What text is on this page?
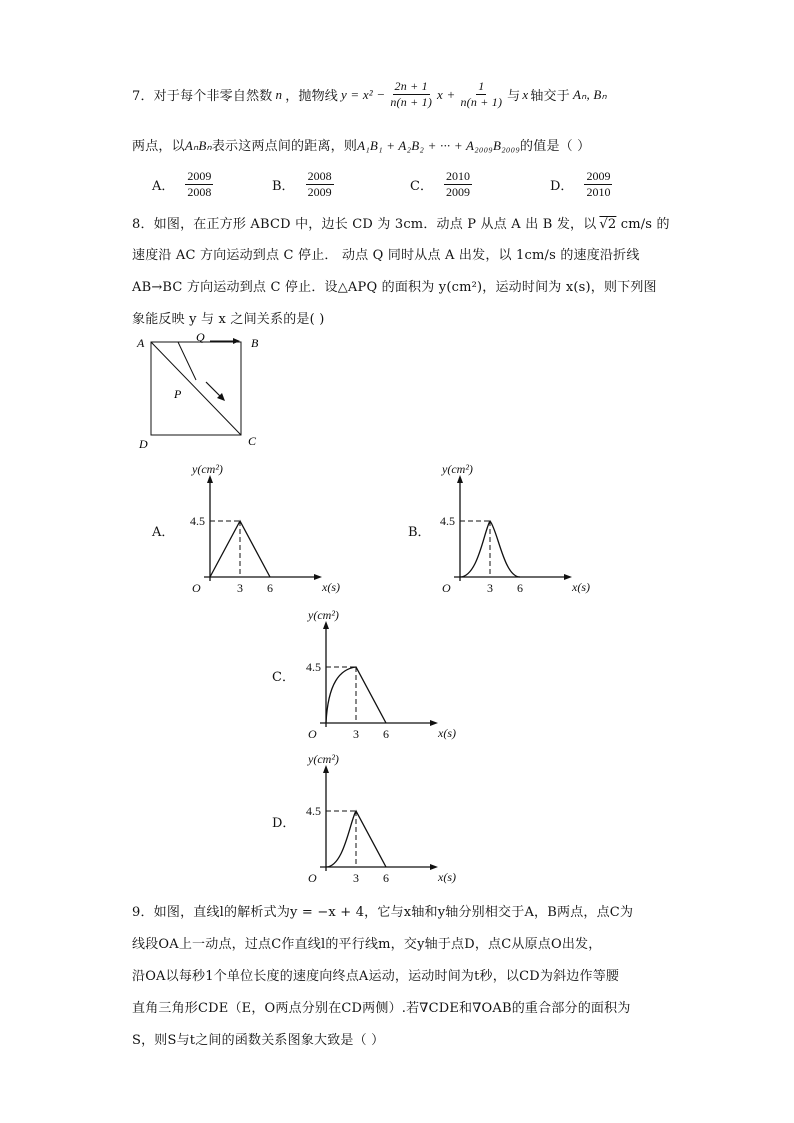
7． 对于每个非零自然数 n ，抛物线 $y = x^2 - \frac{2n + 1}{n(n + 1)}$ $x + \frac{1}{n(n + 1)}$ 与 x 轴交于 Aₙ, Bₙ
两点，以AₙBₙ表示这两点间的距离，则A₁B₁ + A₂B₂ + ··· + A₂₀₀₉B₂₀₀₉的值是（ ）
A． $\frac{2009}{2008}$	B． $\frac{2008}{2009}$	C． $\frac{2010}{2009}$	D． $\frac{2009}{2010}$
8．如图，在正方形 ABCD 中，边长 CD 为 3cm．动点 P 从点 A 出 B 发，以 √2 cm/s 的
速度沿 AC 方向运动到点 C 停止． 动点 Q 同时从点 A 出发，以 1cm/s 的速度沿折线
AB→BC 方向运动到点 C 停止．设△APQ 的面积为 y(cm²)，运动时间为 x(s)，则下列图
象能反映 y 与 x 之间关系的是( )
A	Q	B
P
D	C
A．	B．
C．
D．
y(cm²)
x(s)
O
4.5
3 6
y(cm²)
x(s)
O
4.5
3 6
y(cm²)
x(s)
O
4.5
3 6
y(cm²)
x(s)
O
4.5
3 6
9．如图，直线l的解析式为y = −x + 4，它与x轴和y轴分别相交于A，B两点，点C为
线段OA上一动点，过点C作直线l的平行线m，交y轴于点D，点C从原点O出发，
沿OA以每秒1个单位长度的速度向终点A运动，运动时间为t秒，以CD为斜边作等腰
直角三角形CDE（E，O两点分别在CD两侧）.若∇CDE和∇OAB的重合部分的面积为
S，则S与t之间的函数关系图象大致是（ ）
